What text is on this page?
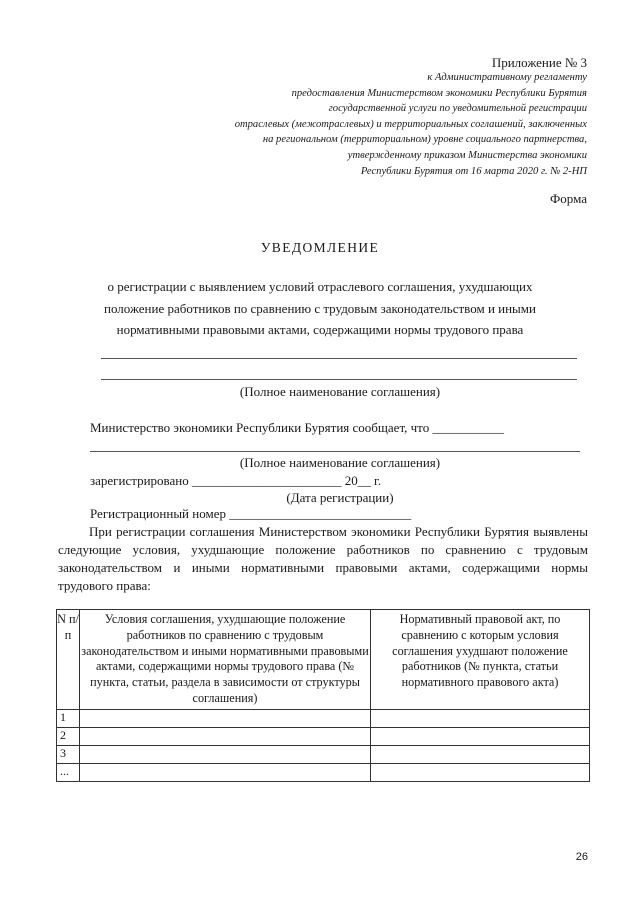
Приложение № 3
к Административному регламенту
предоставления Министерством экономики Республики Бурятия
государственной услуги по уведомительной регистрации
отраслевых (межотраслевых) и территориальных соглашений, заключенных
на региональном (территориальном) уровне социального партнерства,
утвержденному приказом Министерства экономики
Республики Бурятия от 16 марта 2020 г. № 2-НП
Форма
УВЕДОМЛЕНИЕ
о регистрации с выявлением условий отраслевого соглашения, ухудшающих
положение работников по сравнению с трудовым законодательством и иными
нормативными правовыми актами, содержащими нормы трудового права
(Полное наименование соглашения)
Министерство экономики Республики Бурятия сообщает, что ___________
(Полное наименование соглашения)
зарегистрировано _______________________ 20__ г.
(Дата регистрации)
Регистрационный номер ____________________________
При регистрации соглашения Министерством экономики Республики Бурятия выявлены следующие условия, ухудшающие положение работников по сравнению с трудовым законодательством и иными нормативными правовыми актами, содержащими нормы трудового права:
N п/п	Условия соглашения, ухудшающие положение работников по сравнению с трудовым законодательством и иными нормативными правовыми актами, содержащими нормы трудового права (№ пункта, статьи, раздела в зависимости от структуры соглашения)	Нормативный правовой акт, по сравнению с которым условия соглашения ухудшают положение работников (№ пункта, статьи нормативного правового акта)
1		
2		
3		
...		
26
